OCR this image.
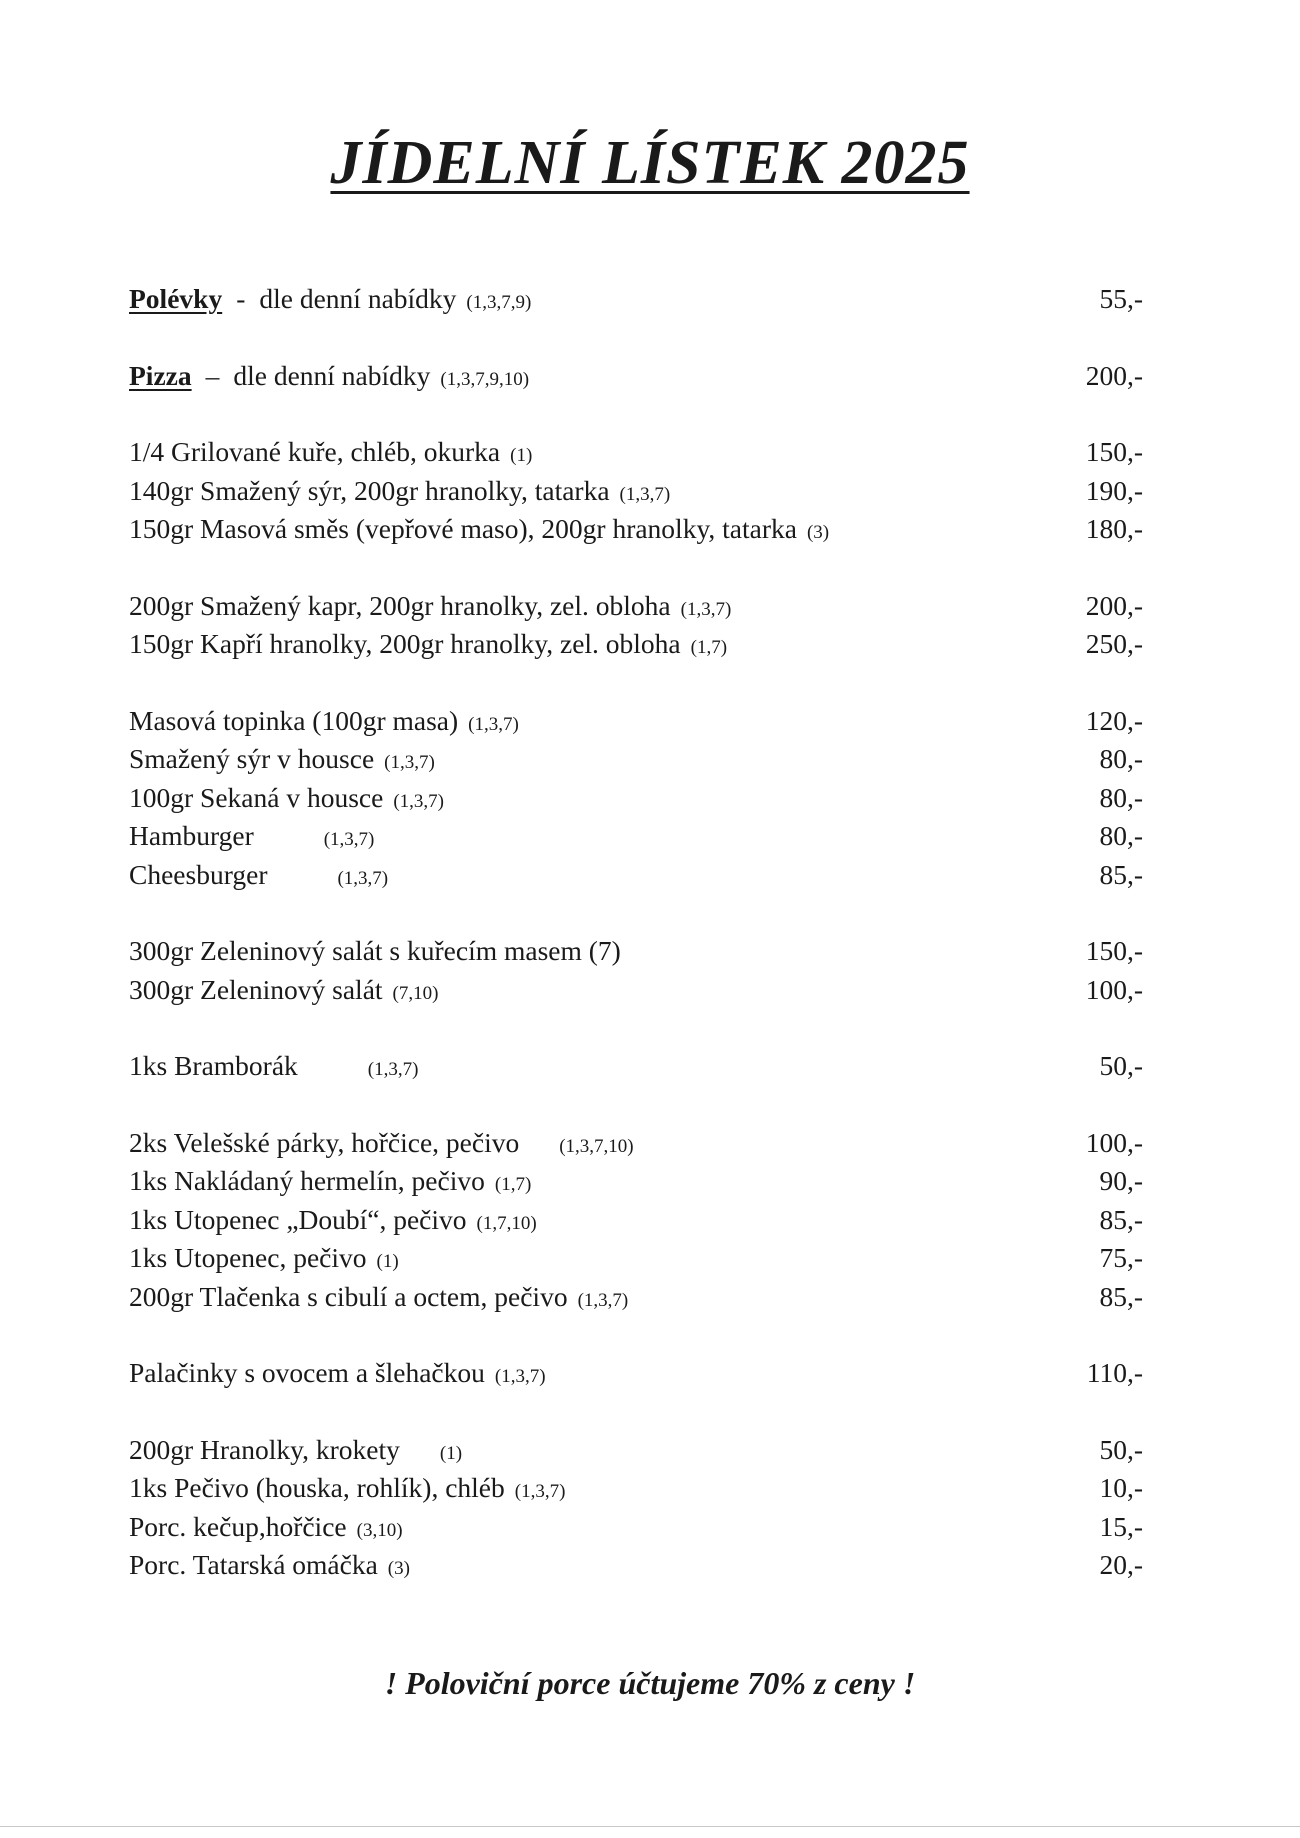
JÍDELNÍ LÍSTEK 2025
Polévky - dle denní nabídky (1,3,7,9)	55,-
Pizza – dle denní nabídky (1,3,7,9,10)	200,-
1/4 Grilované kuře, chléb, okurka (1)	150,-
140gr Smažený sýr, 200gr hranolky, tatarka (1,3,7)	190,-
150gr Masová směs (vepřové maso), 200gr hranolky, tatarka (3)	180,-
200gr Smažený kapr, 200gr hranolky, zel. obloha (1,3,7)	200,-
150gr Kapří hranolky, 200gr hranolky, zel. obloha (1,7)	250,-
Masová topinka (100gr masa) (1,3,7)	120,-
Smažený sýr v housce (1,3,7)	80,-
100gr Sekaná v housce (1,3,7)	80,-
Hamburger	(1,3,7)	80,-
Cheesburger	(1,3,7)	85,-
300gr Zeleninový salát s kuřecím masem (7)	150,-
300gr Zeleninový salát (7,10)	100,-
1ks Bramborák	(1,3,7)	50,-
2ks Velešské párky, hořčice, pečivo (1,3,7,10)	100,-
1ks Nakládaný hermelín, pečivo (1,7)	90,-
1ks Utopenec „Doubí“, pečivo (1,7,10)	85,-
1ks Utopenec, pečivo (1)	75,-
200gr Tlačenka s cibulí a octem, pečivo (1,3,7)	85,-
Palačinky s ovocem a šlehačkou (1,3,7)	110,-
200gr Hranolky, krokety (1)	50,-
1ks Pečivo (houska, rohlík), chléb (1,3,7)	10,-
Porc. kečup,hořčice (3,10)	15,-
Porc. Tatarská omáčka (3)	20,-

! Poloviční porce účtujeme 70% z ceny !
